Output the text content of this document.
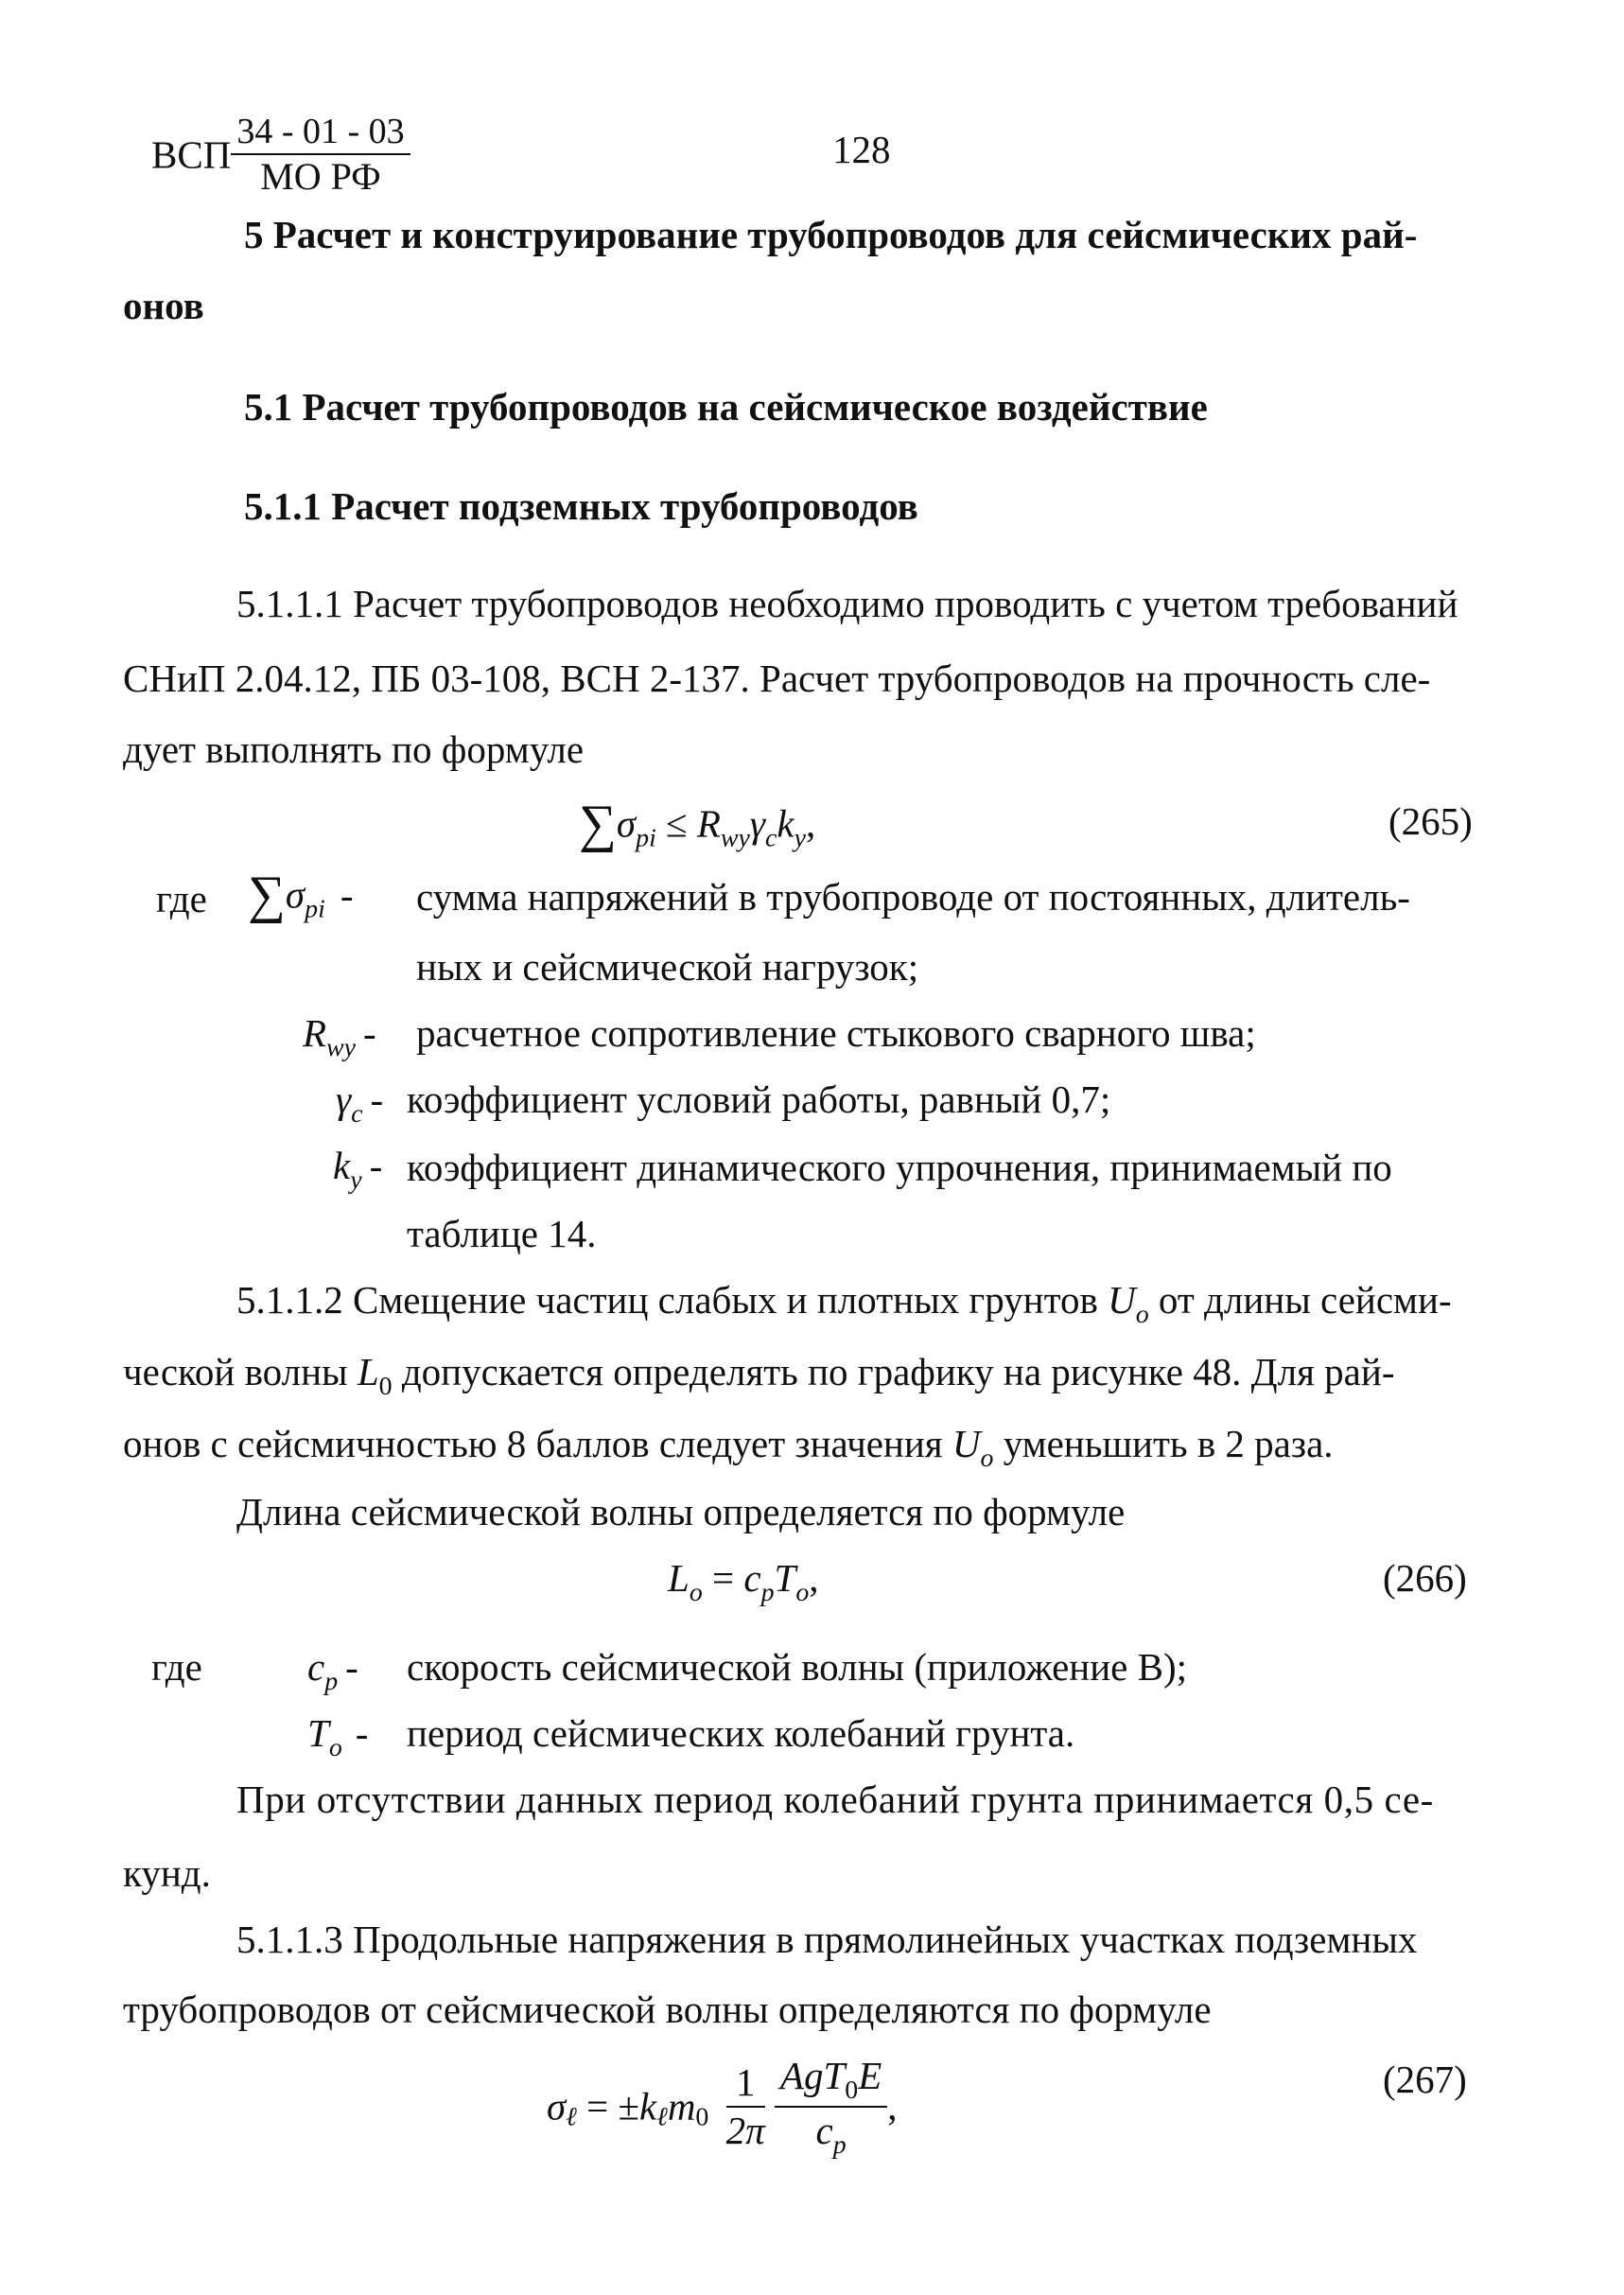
ВСП $\frac{34 - 01 - 03}{\text{МО РФ}}$	128
5 Расчет и конструирование трубопроводов для сейсмических рай-
онов
5.1 Расчет трубопроводов на сейсмическое воздействие
5.1.1 Расчет подземных трубопроводов
5.1.1.1 Расчет трубопроводов необходимо проводить с учетом требований
СНиП 2.04.12, ПБ 03-108, ВСН 2-137. Расчет трубопроводов на прочность сле-
дует выполнять по формуле
$\sum\sigma_{pi} \le R_{wy}\gamma_ck_y$,	(265)
где $\sum\sigma_{pi}$ - сумма напряжений в трубопроводе от постоянных, длитель-
ных и сейсмической нагрузок;
$R_{wy}$ - расчетное сопротивление стыкового сварного шва;
$\gamma_c$ - коэффициент условий работы, равный 0,7;
$k_y$ - коэффициент динамического упрочнения, принимаемый по
таблице 14.
5.1.1.2 Смещение частиц слабых и плотных грунтов $U_o$ от длины сейсми-
ческой волны $L_0$ допускается определять по графику на рисунке 48. Для рай-
онов с сейсмичностью 8 баллов следует значения $U_o$ уменьшить в 2 раза.
Длина сейсмической волны определяется по формуле
$L_o = c_pT_o$,	(266)
где	$c_p$ - скорость сейсмической волны (приложение В);
$T_o$ - период сейсмических колебаний грунта.
При отсутствии данных период колебаний грунта принимается 0,5 се-
кунд.
5.1.1.3 Продольные напряжения в прямолинейных участках подземных
трубопроводов от сейсмической волны определяются по формуле
$\sigma_\ell = \pm k_\ell m_0 \frac{1}{2\pi}$
$\frac{AgT_0E}{c_p}$ ,
(267)
